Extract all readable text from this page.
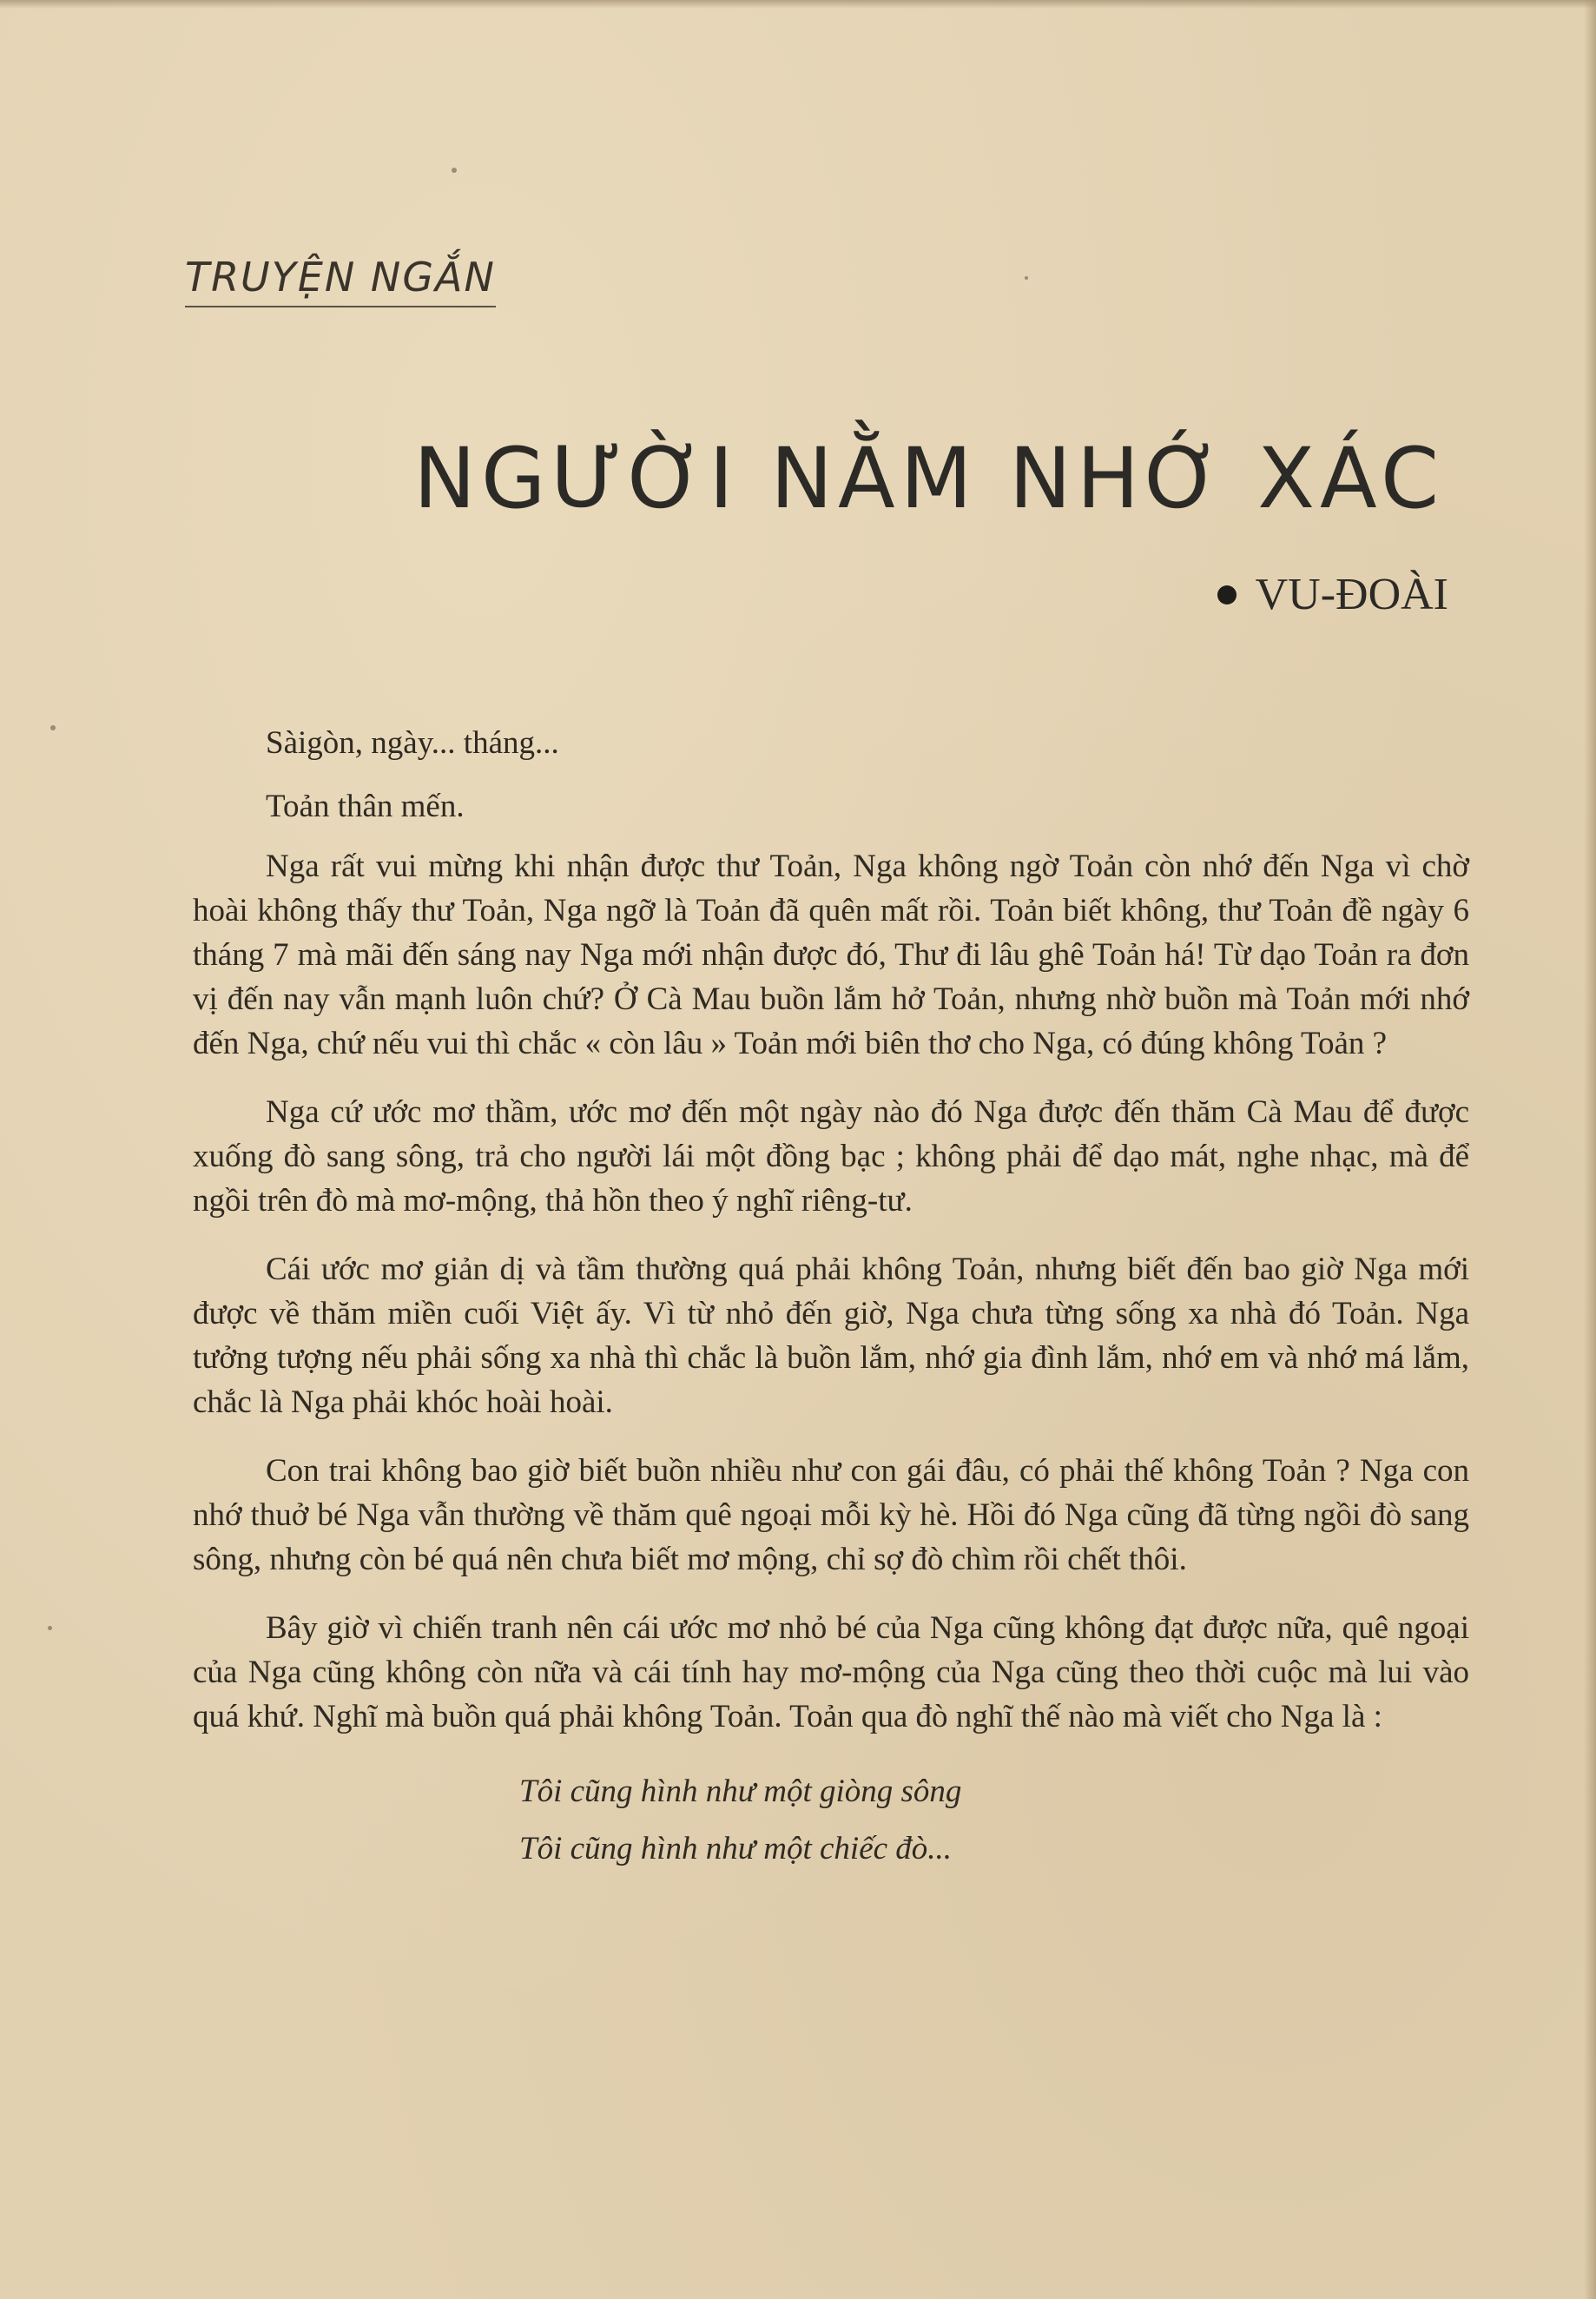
TRUYỆN NGẮN
NGƯỜI NẰM NHỚ XÁC
VU-ĐOÀI
Sàigòn, ngày... tháng...
Toản thân mến.

Nga rất vui mừng khi nhận được thư Toản, Nga không ngờ Toản còn nhớ đến Nga vì chờ hoài không thấy thư Toản, Nga ngỡ là Toản đã quên mất rồi. Toản biết không, thư Toản đề ngày 6 tháng 7 mà mãi đến sáng nay Nga mới nhận được đó, Thư đi lâu ghê Toản há! Từ dạo Toản ra đơn vị đến nay vẫn mạnh luôn chứ? Ở Cà Mau buồn lắm hở Toản, nhưng nhờ buồn mà Toản mới nhớ đến Nga, chứ nếu vui thì chắc « còn lâu » Toản mới biên thơ cho Nga, có đúng không Toản ?

Nga cứ ước mơ thầm, ước mơ đến một ngày nào đó Nga được đến thăm Cà Mau để được xuống đò sang sông, trả cho người lái một đồng bạc ; không phải để dạo mát, nghe nhạc, mà để ngồi trên đò mà mơ-mộng, thả hồn theo ý nghĩ riêng-tư.

Cái ước mơ giản dị và tầm thường quá phải không Toản, nhưng biết đến bao giờ Nga mới được về thăm miền cuối Việt ấy. Vì từ nhỏ đến giờ, Nga chưa từng sống xa nhà đó Toản. Nga tưởng tượng nếu phải sống xa nhà thì chắc là buồn lắm, nhớ gia đình lắm, nhớ em và nhớ má lắm, chắc là Nga phải khóc hoài hoài.

Con trai không bao giờ biết buồn nhiều như con gái đâu, có phải thế không Toản ? Nga con nhớ thuở bé Nga vẫn thường về thăm quê ngoại mỗi kỳ hè. Hồi đó Nga cũng đã từng ngồi đò sang sông, nhưng còn bé quá nên chưa biết mơ mộng, chỉ sợ đò chìm rồi chết thôi.

Bây giờ vì chiến tranh nên cái ước mơ nhỏ bé của Nga cũng không đạt được nữa, quê ngoại của Nga cũng không còn nữa và cái tính hay mơ-mộng của Nga cũng theo thời cuộc mà lui vào quá khứ. Nghĩ mà buồn quá phải không Toản. Toản qua đò nghĩ thế nào mà viết cho Nga là :

Tôi cũng hình như một giòng sông
Tôi cũng hình như một chiếc đò...
